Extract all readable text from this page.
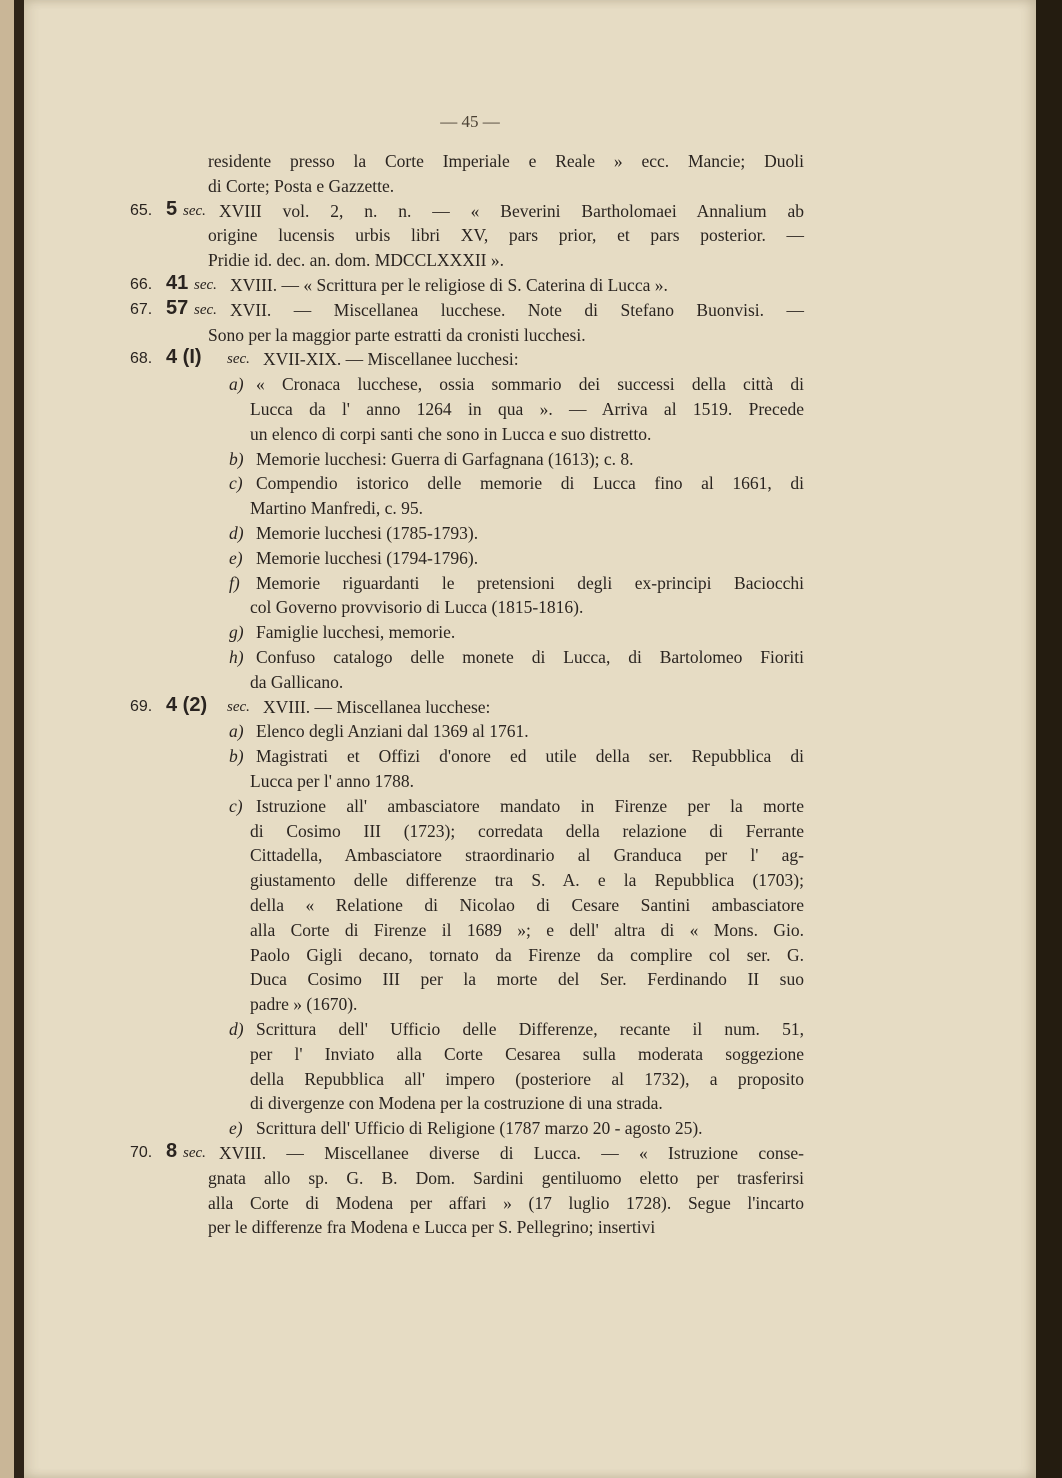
— 45 —
residente presso la Corte Imperiale e Reale » ecc. Mancie; Duoli
di Corte; Posta e Gazzette.
65. 5 sec. XVIII vol. 2, n. n. — « Beverini Bartholomaei Annalium ab
origine lucensis urbis libri XV, pars prior, et pars posterior. —
Pridie id. dec. an. dom. MDCCLXXXII ».
66. 41 sec. XVIII. — « Scrittura per le religiose di S. Caterina di Lucca ».
67. 57 sec. XVII. — Miscellanea lucchese. Note di Stefano Buonvisi. —
Sono per la maggior parte estratti da cronisti lucchesi.
68. 4 (I) sec. XVII-XIX. — Miscellanee lucchesi:
a) « Cronaca lucchese, ossia sommario dei successi della città di
Lucca da l' anno 1264 in qua ». — Arriva al 1519. Precede
un elenco di corpi santi che sono in Lucca e suo distretto.
b) Memorie lucchesi: Guerra di Garfagnana (1613); c. 8.
c) Compendio istorico delle memorie di Lucca fino al 1661, di
Martino Manfredi, c. 95.
d) Memorie lucchesi (1785-1793).
e) Memorie lucchesi (1794-1796).
f) Memorie riguardanti le pretensioni degli ex-principi Baciocchi
col Governo provvisorio di Lucca (1815-1816).
g) Famiglie lucchesi, memorie.
h) Confuso catalogo delle monete di Lucca, di Bartolomeo Fioriti
da Gallicano.
69. 4 (2) sec. XVIII. — Miscellanea lucchese:
a) Elenco degli Anziani dal 1369 al 1761.
b) Magistrati et Offizi d'onore ed utile della ser. Repubblica di
Lucca per l' anno 1788.
c) Istruzione all' ambasciatore mandato in Firenze per la morte
di Cosimo III (1723); corredata della relazione di Ferrante
Cittadella, Ambasciatore straordinario al Granduca per l' ag-
giustamento delle differenze tra S. A. e la Repubblica (1703);
della « Relatione di Nicolao di Cesare Santini ambasciatore
alla Corte di Firenze il 1689 »; e dell' altra di « Mons. Gio.
Paolo Gigli decano, tornato da Firenze da complire col ser. G.
Duca Cosimo III per la morte del Ser. Ferdinando II suo
padre » (1670).
d) Scrittura dell' Ufficio delle Differenze, recante il num. 51,
per l' Inviato alla Corte Cesarea sulla moderata soggezione
della Repubblica all' impero (posteriore al 1732), a proposito
di divergenze con Modena per la costruzione di una strada.
e) Scrittura dell' Ufficio di Religione (1787 marzo 20 - agosto 25).
70. 8 sec. XVIII. — Miscellanee diverse di Lucca. — « Istruzione conse-
gnata allo sp. G. B. Dom. Sardini gentiluomo eletto per trasferirsi
alla Corte di Modena per affari » (17 luglio 1728). Segue l'incarto
per le differenze fra Modena e Lucca per S. Pellegrino; insertivi
